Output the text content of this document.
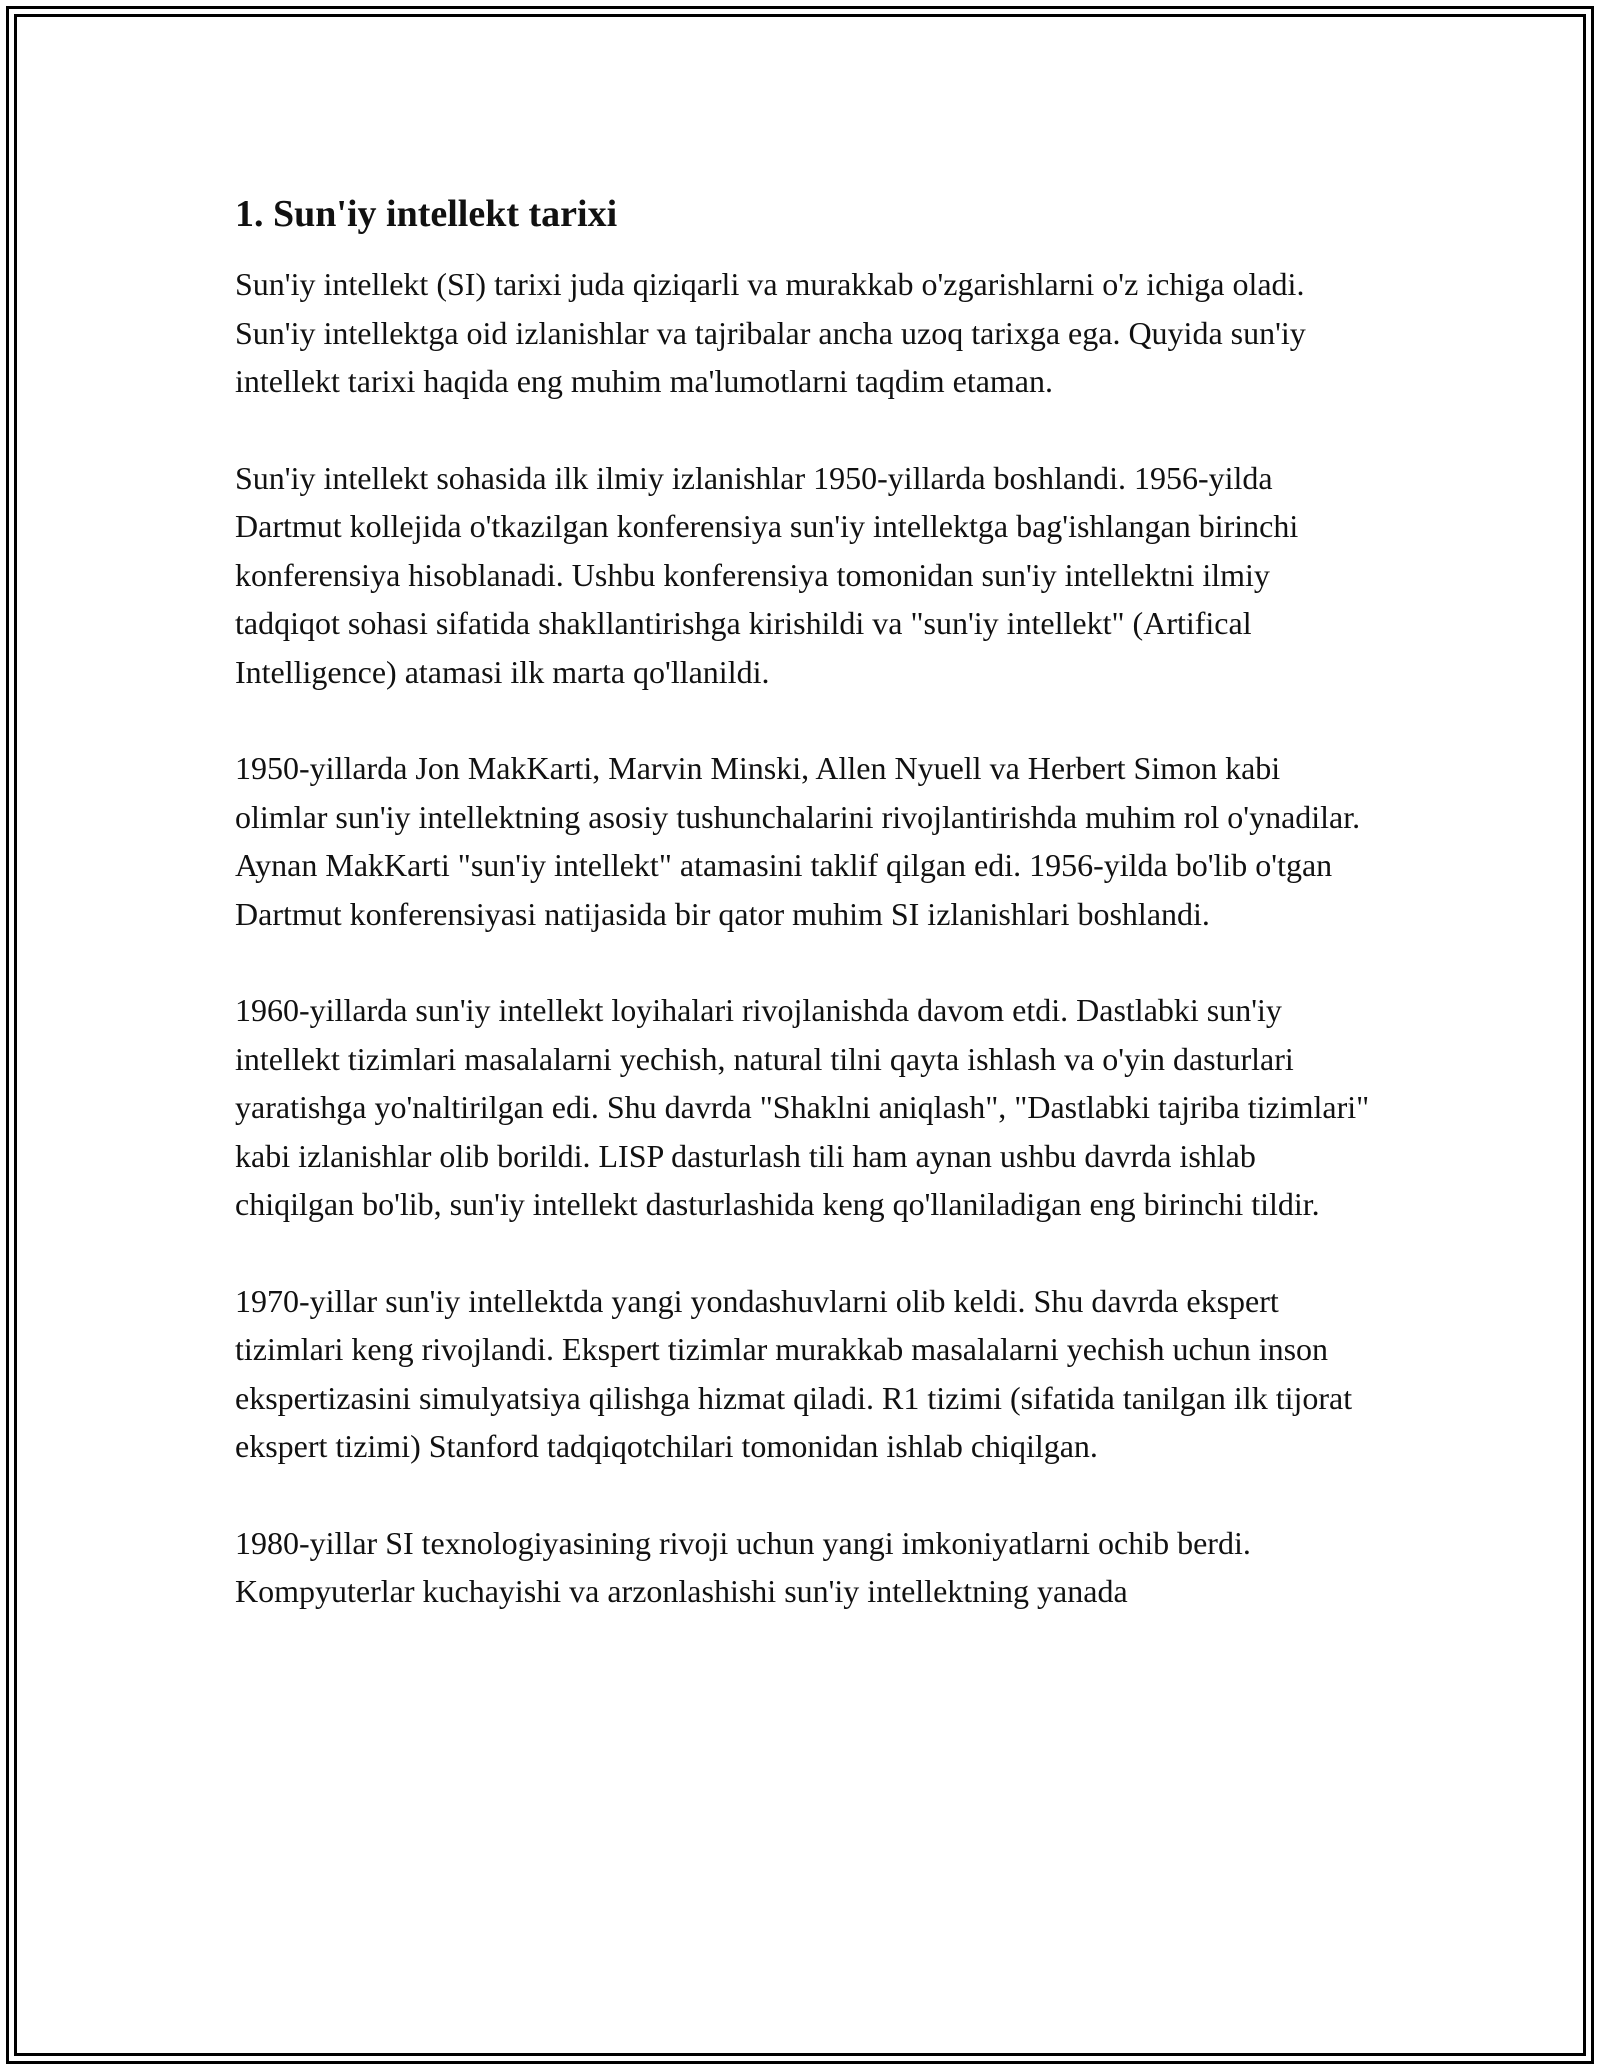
1. Sun'iy intellekt tarixi

Sun'iy intellekt (SI) tarixi juda qiziqarli va murakkab o'zgarishlarni o'z ichiga oladi. Sun'iy intellektga oid izlanishlar va tajribalar ancha uzoq tarixga ega. Quyida sun'iy intellekt tarixi haqida eng muhim ma'lumotlarni taqdim etaman.

Sun'iy intellekt sohasida ilk ilmiy izlanishlar 1950-yillarda boshlandi. 1956-yilda Dartmut kollejida o'tkazilgan konferensiya sun'iy intellektga bag'ishlangan birinchi konferensiya hisoblanadi. Ushbu konferensiya tomonidan sun'iy intellektni ilmiy tadqiqot sohasi sifatida shakllantirishga kirishildi va "sun'iy intellekt" (Artifical Intelligence) atamasi ilk marta qo'llanildi.

1950-yillarda Jon MakKarti, Marvin Minski, Allen Nyuell va Herbert Simon kabi olimlar sun'iy intellektning asosiy tushunchalarini rivojlantirishda muhim rol o'ynadilar. Aynan MakKarti "sun'iy intellekt" atamasini taklif qilgan edi. 1956-yilda bo'lib o'tgan Dartmut konferensiyasi natijasida bir qator muhim SI izlanishlari boshlandi.

1960-yillarda sun'iy intellekt loyihalari rivojlanishda davom etdi. Dastlabki sun'iy intellekt tizimlari masalalarni yechish, natural tilni qayta ishlash va o'yin dasturlari yaratishga yo'naltirilgan edi. Shu davrda "Shaklni aniqlash", "Dastlabki tajriba tizimlari" kabi izlanishlar olib borildi. LISP dasturlash tili ham aynan ushbu davrda ishlab chiqilgan bo'lib, sun'iy intellekt dasturlashida keng qo'llaniladigan eng birinchi tildir.

1970-yillar sun'iy intellektda yangi yondashuvlarni olib keldi. Shu davrda ekspert tizimlari keng rivojlandi. Ekspert tizimlar murakkab masalalarni yechish uchun inson ekspertizasini simulyatsiya qilishga hizmat qiladi. R1 tizimi (sifatida tanilgan ilk tijorat ekspert tizimi) Stanford tadqiqotchilari tomonidan ishlab chiqilgan.

1980-yillar SI texnologiyasining rivoji uchun yangi imkoniyatlarni ochib berdi. Kompyuterlar kuchayishi va arzonlashishi sun'iy intellektning yanada
